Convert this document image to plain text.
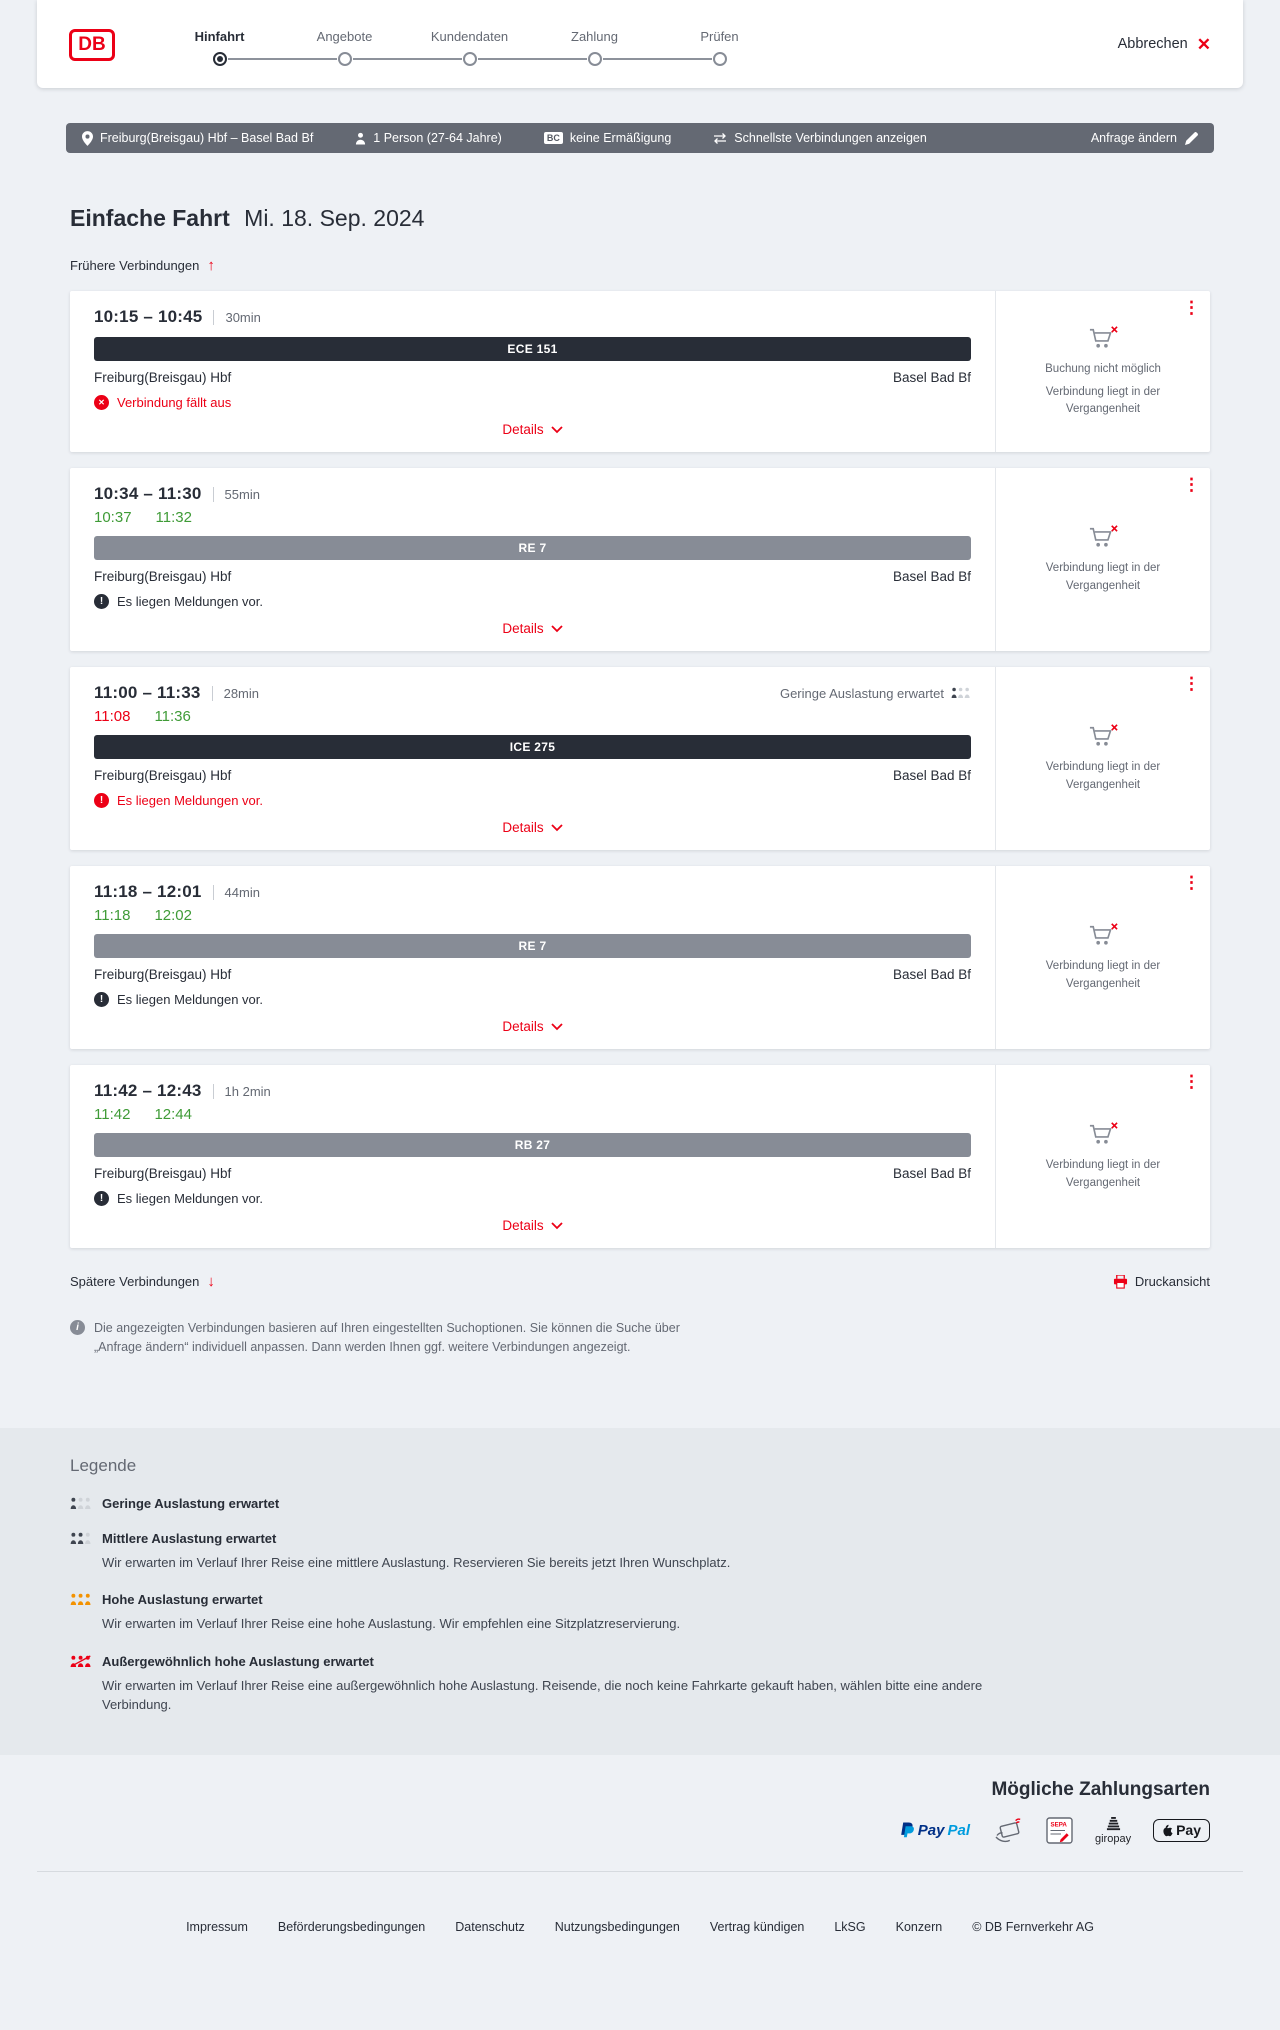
DB	Hinfahrt	Angebote	Kundendaten	Zahlung	Prüfen	Abbrechen ✕
Freiburg(Breisgau) Hbf – Basel Bad Bf	1 Person (27-64 Jahre)	BC keine Ermäßigung	Schnellste Verbindungen anzeigen	Anfrage ändern
Einfache Fahrt Mi. 18. Sep. 2024
Frühere Verbindungen ↑
10:15 – 10:45 30min
ECE 151
Freiburg(Breisgau) Hbf	Basel Bad Bf
✕ Verbindung fällt aus
Details
⋮
Buchung nicht möglich
Verbindung liegt in der Vergangenheit
10:34 – 11:30 55min
10:37 11:32
RE 7
Freiburg(Breisgau) Hbf	Basel Bad Bf
!	Es liegen Meldungen vor.
Details
⋮
Verbindung liegt in der Vergangenheit
11:00 – 11:33 28min	Geringe Auslastung erwartet
11:08 11:36
ICE 275
Freiburg(Breisgau) Hbf	Basel Bad Bf
!	Es liegen Meldungen vor.
Details
⋮
Verbindung liegt in der Vergangenheit
11:18 – 12:01 44min
11:18 12:02
RE 7
Freiburg(Breisgau) Hbf	Basel Bad Bf
!	Es liegen Meldungen vor.
Details
⋮
Verbindung liegt in der Vergangenheit
11:42 – 12:43 1h 2min
11:42 12:44
RB 27
Freiburg(Breisgau) Hbf	Basel Bad Bf
!	Es liegen Meldungen vor.
Details
⋮
Verbindung liegt in der Vergangenheit
Spätere Verbindungen ↓	Druckansicht
i	Die angezeigten Verbindungen basieren auf Ihren eingestellten Suchoptionen. Sie können die Suche über „Anfrage ändern“ individuell anpassen. Dann werden Ihnen ggf. weitere Verbindungen angezeigt.

Legende
Geringe Auslastung erwartet
Mittlere Auslastung erwartet

Wir erwarten im Verlauf Ihrer Reise eine mittlere Auslastung. Reservieren Sie bereits jetzt Ihren Wunschplatz.

Hohe Auslastung erwartet

Wir erwarten im Verlauf Ihrer Reise eine hohe Auslastung. Wir empfehlen eine Sitzplatzreservierung.

Außergewöhnlich hohe Auslastung erwartet

Wir erwarten im Verlauf Ihrer Reise eine außergewöhnlich hohe Auslastung. Reisende, die noch keine Fahrkarte gekauft haben, wählen bitte eine andere Verbindung.

Mögliche Zahlungsarten
Pay Pal	SEPA
giropay
Pay
Impressum Beförderungsbedingungen Datenschutz Nutzungsbedingungen Vertrag kündigen LkSG Konzern © DB Fernverkehr AG
